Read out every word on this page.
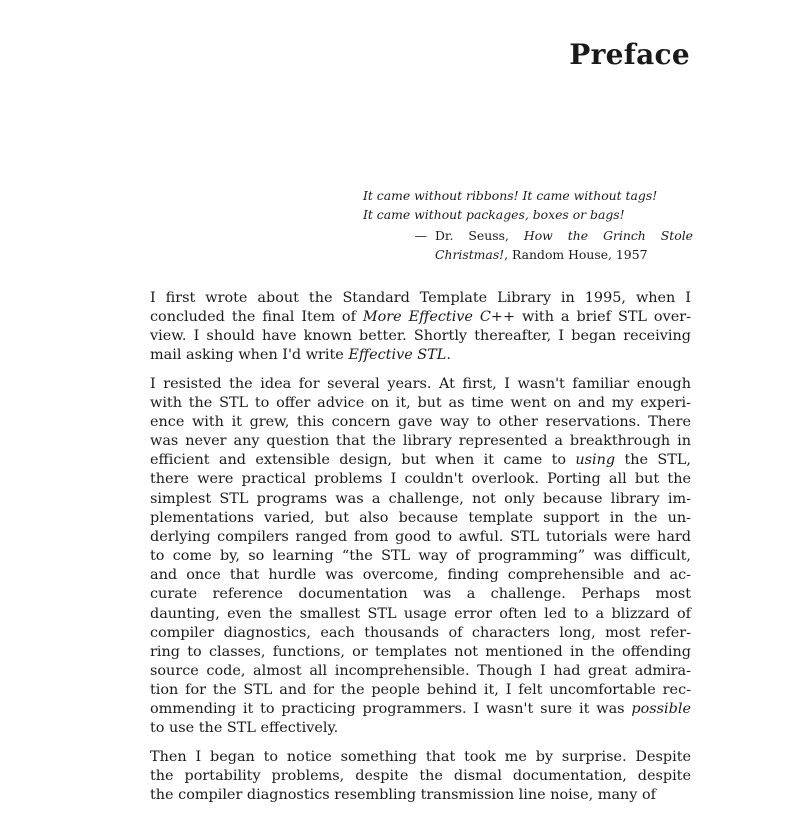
Preface
It came without ribbons! It came without tags!
It came without packages, boxes or bags!
— Dr. Seuss, How the Grinch Stole
Christmas!, Random House, 1957

I first wrote about the Standard Template Library in 1995, when I
concluded the final Item of More Effective C++ with a brief STL over-
view. I should have known better. Shortly thereafter, I began receiving
mail asking when I'd write Effective STL.

I resisted the idea for several years. At first, I wasn't familiar enough
with the STL to offer advice on it, but as time went on and my experi-
ence with it grew, this concern gave way to other reservations. There
was never any question that the library represented a breakthrough in
efficient and extensible design, but when it came to using the STL,
there were practical problems I couldn't overlook. Porting all but the
simplest STL programs was a challenge, not only because library im-
plementations varied, but also because template support in the un-
derlying compilers ranged from good to awful. STL tutorials were hard
to come by, so learning “the STL way of programming” was difficult,
and once that hurdle was overcome, finding comprehensible and ac-
curate reference documentation was a challenge. Perhaps most
daunting, even the smallest STL usage error often led to a blizzard of
compiler diagnostics, each thousands of characters long, most refer-
ring to classes, functions, or templates not mentioned in the offending
source code, almost all incomprehensible. Though I had great admira-
tion for the STL and for the people behind it, I felt uncomfortable rec-
ommending it to practicing programmers. I wasn't sure it was possible
to use the STL effectively.

Then I began to notice something that took me by surprise. Despite
the portability problems, despite the dismal documentation, despite
the compiler diagnostics resembling transmission line noise, many of
